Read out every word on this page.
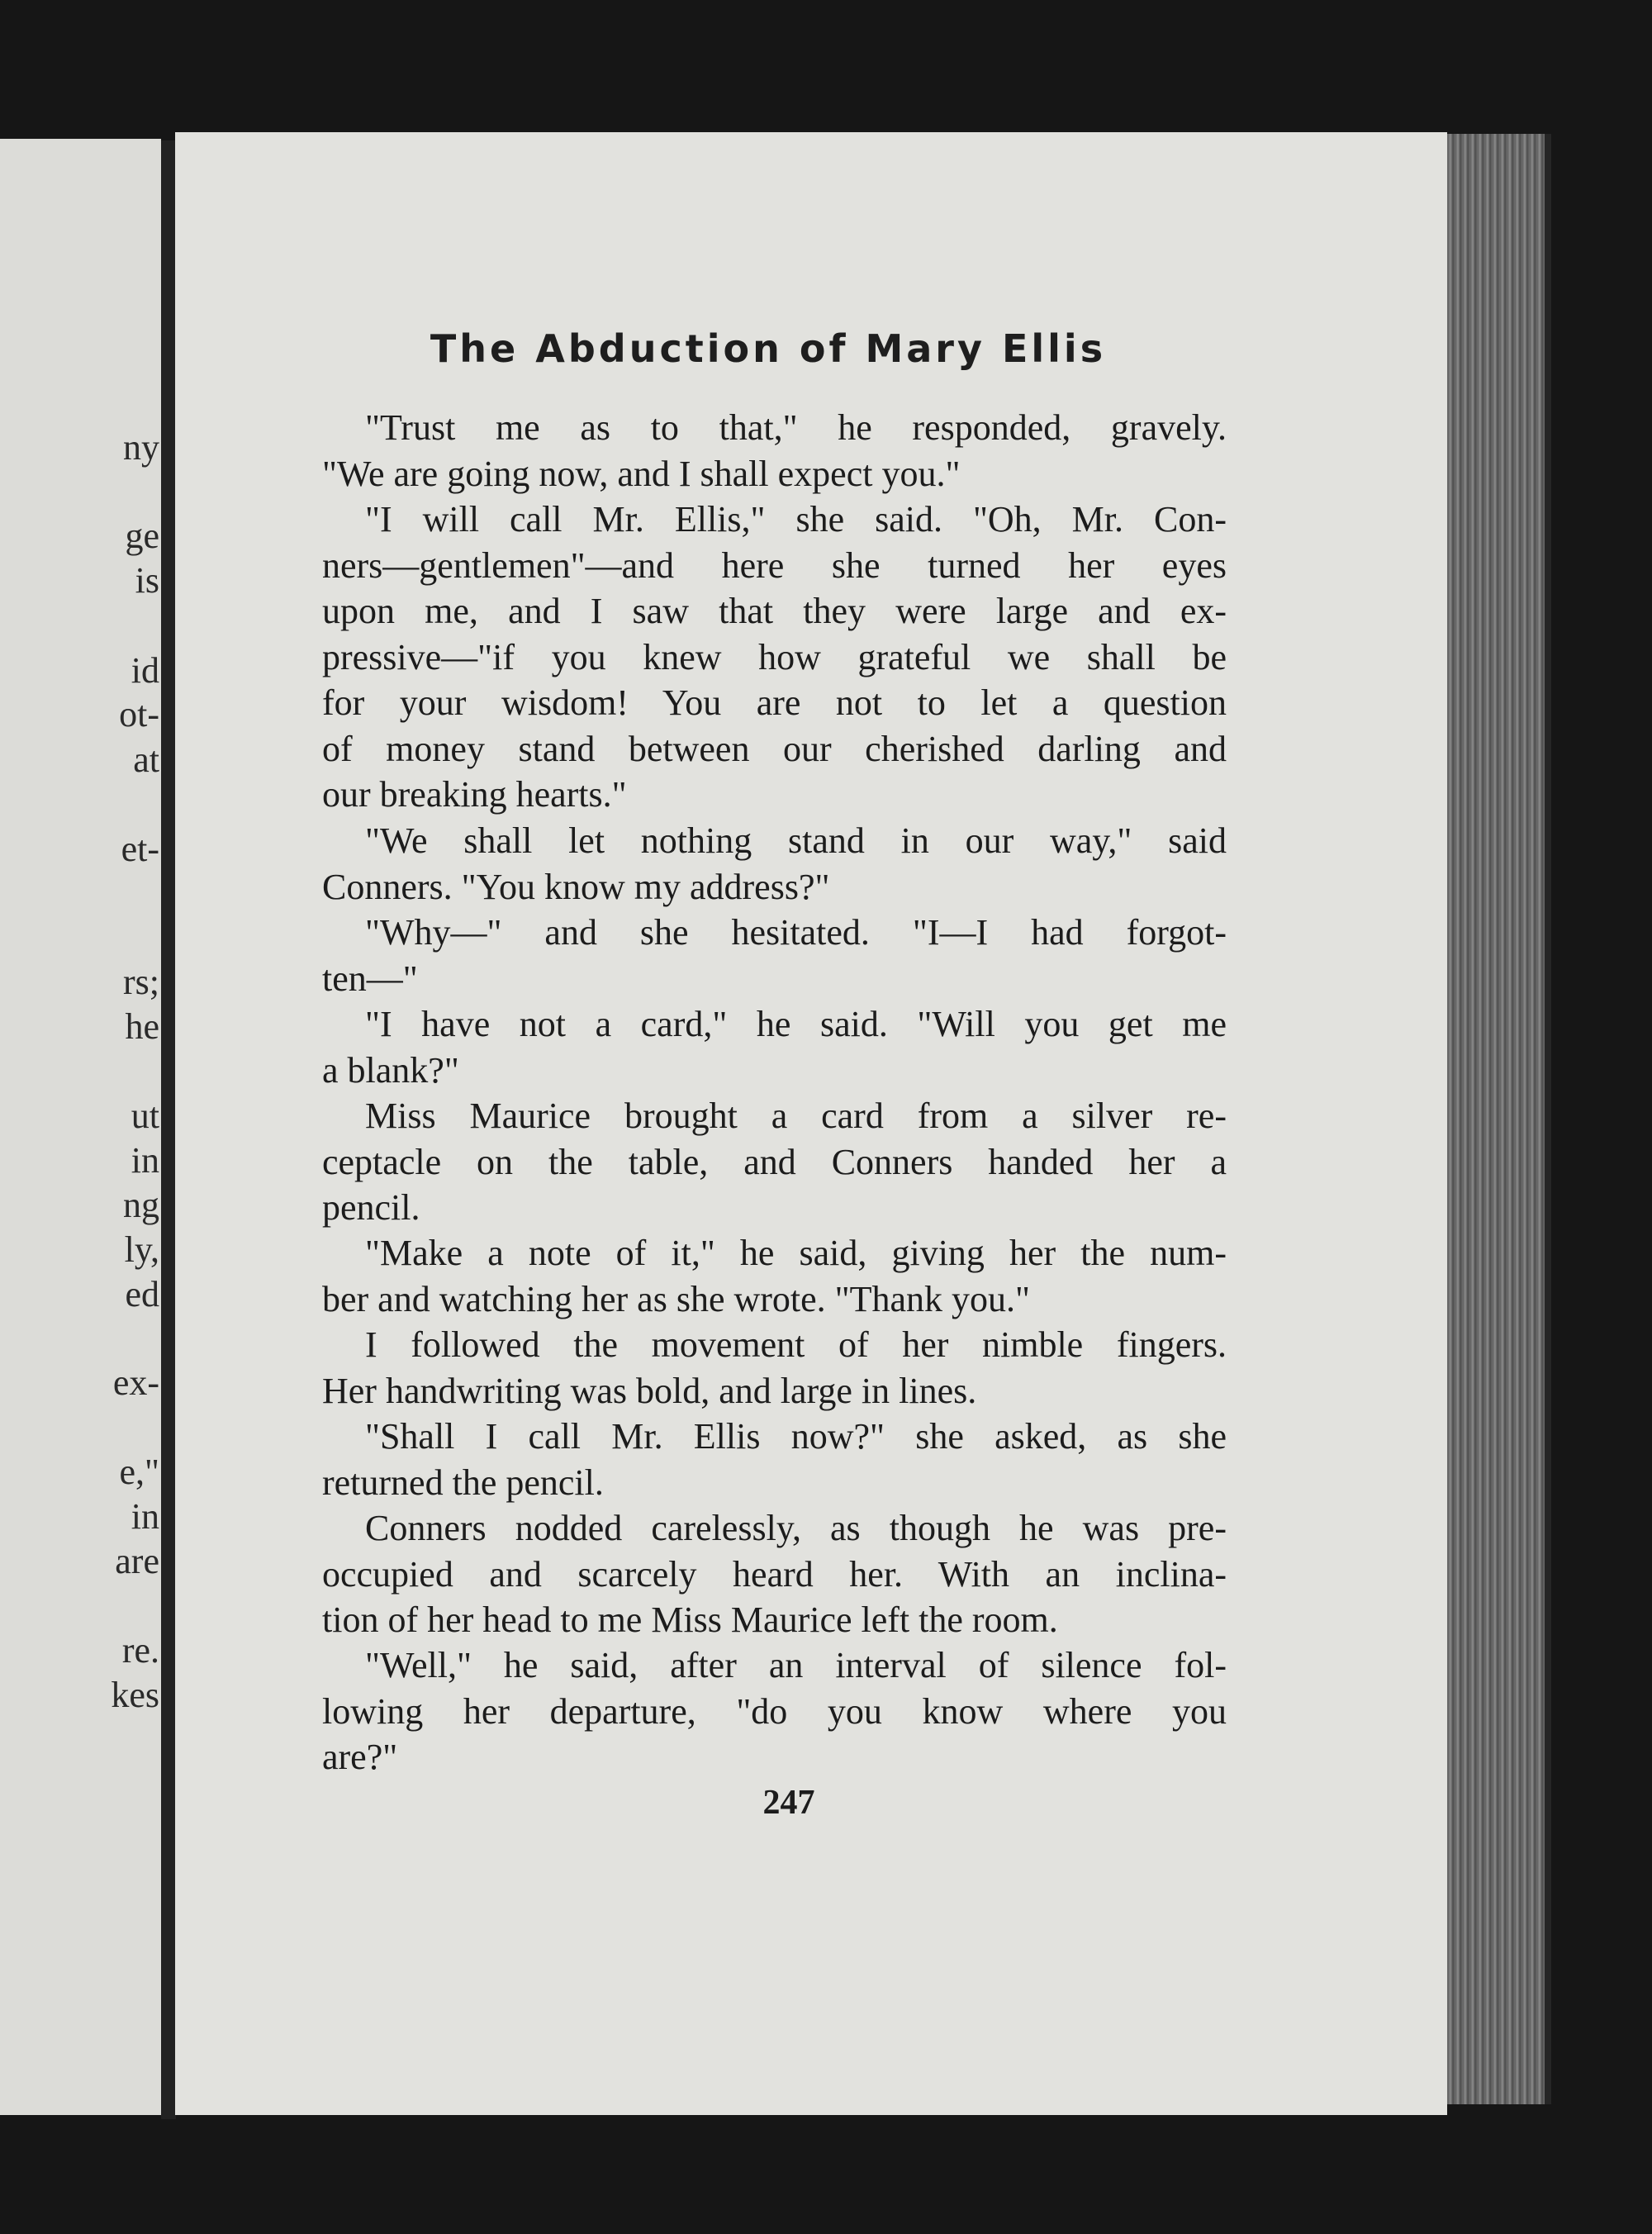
ny
ge
is
id
ot-
at
et-
rs;
he
ut
in
ng
ly,
ed
ex-
e,"
in
are
re.
kes
The Abduction of Mary Ellis

"Trust me as to that," he responded, gravely.
"We are going now, and I shall expect you."

"I will call Mr. Ellis," she said. "Oh, Mr. Con-
ners—gentlemen"—and here she turned her eyes
upon me, and I saw that they were large and ex-
pressive—"if you knew how grateful we shall be
for your wisdom! You are not to let a question
of money stand between our cherished darling and
our breaking hearts."

"We shall let nothing stand in our way," said
Conners. "You know my address?"

"Why—" and she hesitated. "I—I had forgot-
ten—"

"I have not a card," he said. "Will you get me
a blank?"

Miss Maurice brought a card from a silver re-
ceptacle on the table, and Conners handed her a
pencil.

"Make a note of it," he said, giving her the num-
ber and watching her as she wrote. "Thank you."

I followed the movement of her nimble fingers.
Her handwriting was bold, and large in lines.

"Shall I call Mr. Ellis now?" she asked, as she
returned the pencil.

Conners nodded carelessly, as though he was pre-
occupied and scarcely heard her. With an inclina-
tion of her head to me Miss Maurice left the room.

"Well," he said, after an interval of silence fol-
lowing her departure, "do you know where you
are?"

247
